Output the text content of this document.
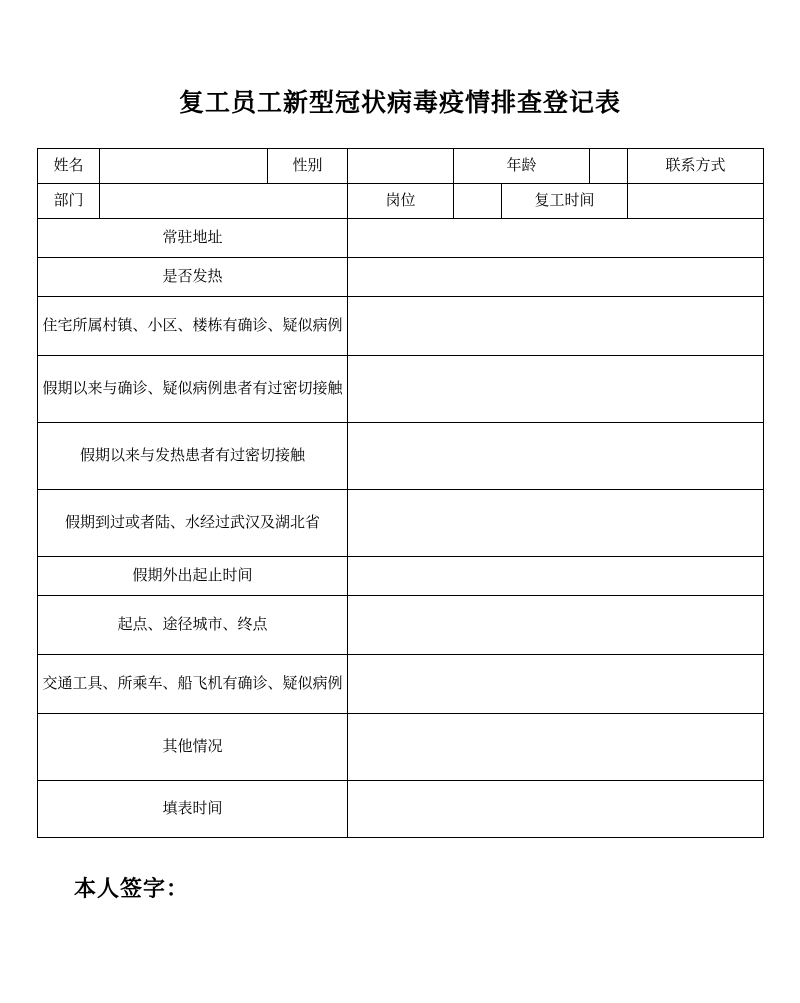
复工员工新型冠状病毒疫情排查登记表
姓名		性别		年龄			联系方式
部门			岗位		复工时间		
常驻地址							
是否发热							
住宅所属村镇、小区、楼栋有确诊、疑似病例							
假期以来与确诊、疑似病例患者有过密切接触							
假期以来与发热患者有过密切接触							
假期到过或者陆、水经过武汉及湖北省							
假期外出起止时间							
起点、途径城市、终点							
交通工具、所乘车、船飞机有确诊、疑似病例							
其他情况							
填表时间							
本人签字：
